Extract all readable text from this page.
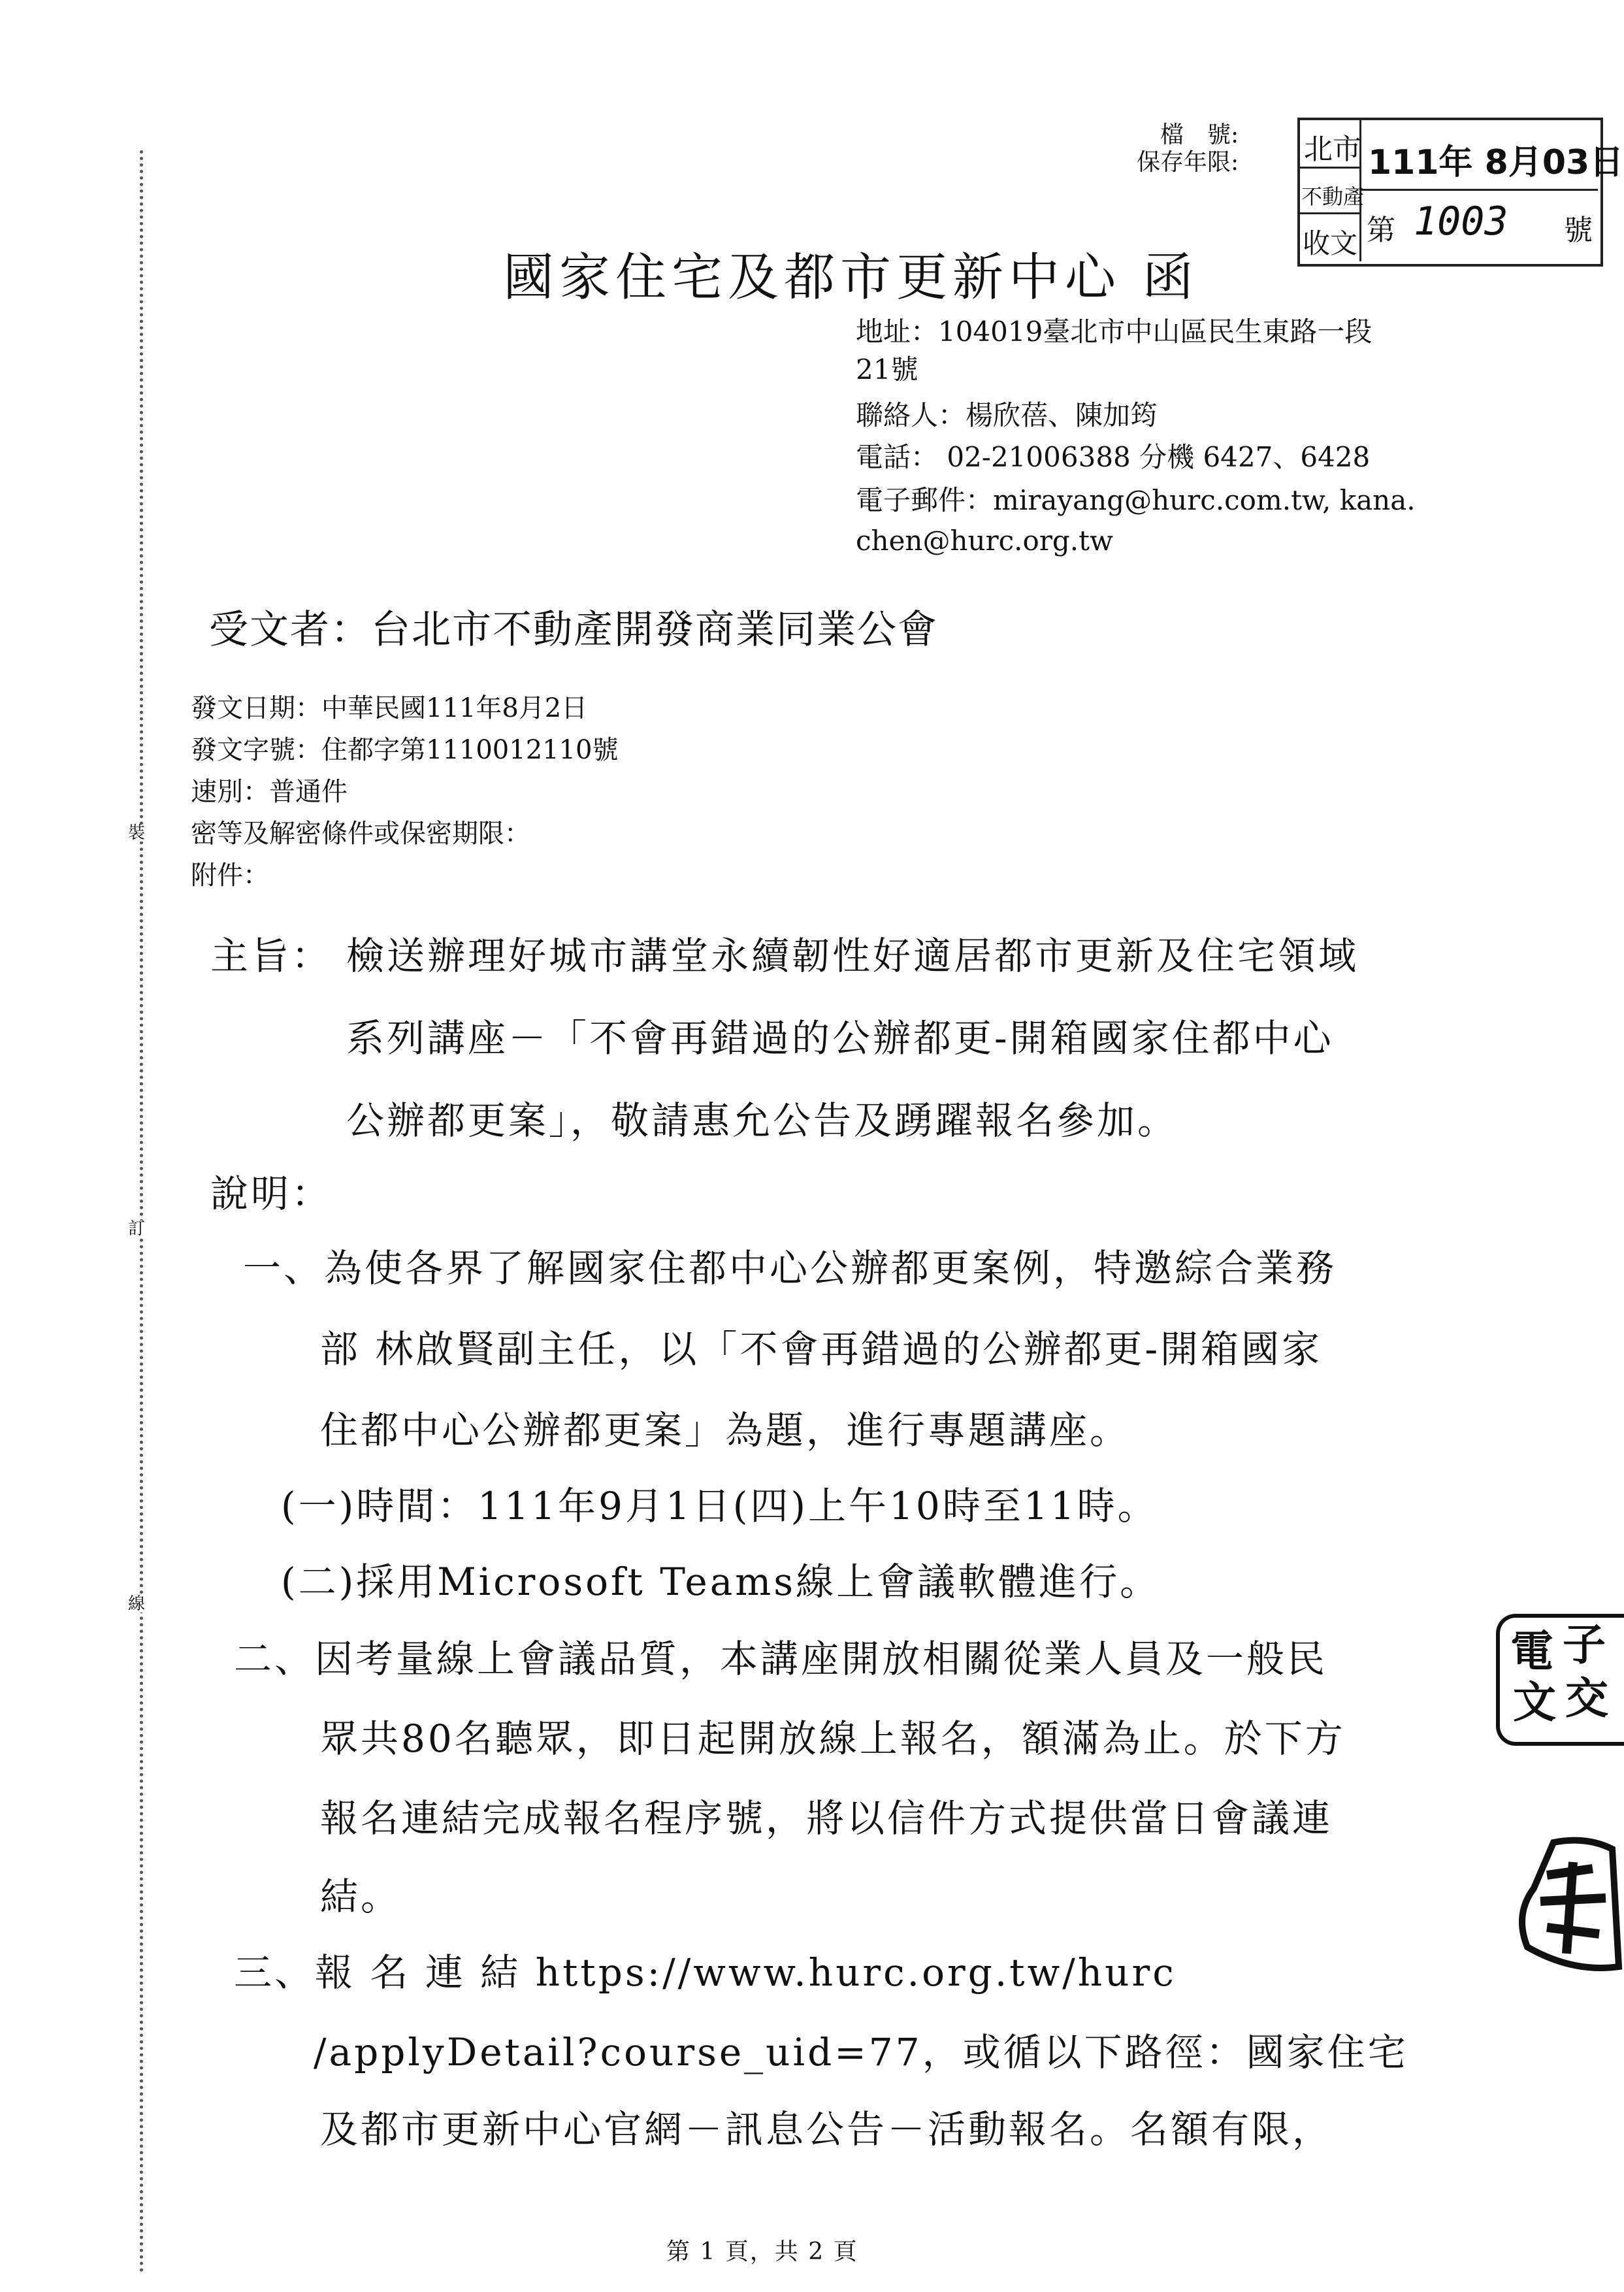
裝
訂
線
檔　號:
保存年限: 北市
不動產
收文
111年 8月03日
第 1003 號
國家住宅及都市更新中心 函
地址：104019臺北市中山區民生東路一段
21號
聯絡人：楊欣蓓、陳加筠
電話： 02-21006388 分機 6427、6428
電子郵件：mirayang@hurc.com.tw, kana.
chen@hurc.org.tw
受文者：台北市不動產開發商業同業公會
發文日期：中華民國111年8月2日
發文字號：住都字第1110012110號
速別：普通件
密等及解密條件或保密期限：
附件：
主旨： 檢送辦理好城市講堂永續韌性好適居都市更新及住宅領域
系列講座－「不會再錯過的公辦都更-開箱國家住都中心
公辦都更案」，敬請惠允公告及踴躍報名參加。
說明：
一、為使各界了解國家住都中心公辦都更案例，特邀綜合業務
部 林啟賢副主任，以「不會再錯過的公辦都更-開箱國家
住都中心公辦都更案」為題，進行專題講座。
(一)時間：111年9月1日(四)上午10時至11時。
(二)採用Microsoft Teams線上會議軟體進行。
二、因考量線上會議品質，本講座開放相關從業人員及一般民
眾共80名聽眾，即日起開放線上報名，額滿為止。於下方
報名連結完成報名程序號，將以信件方式提供當日會議連
結。
三、報 名 連 結 https://www.hurc.org.tw/hurc
/applyDetail?course_uid=77，或循以下路徑：國家住宅
及都市更新中心官網－訊息公告－活動報名。名額有限，
電 子
文 交
第 1 頁，共 2 頁
